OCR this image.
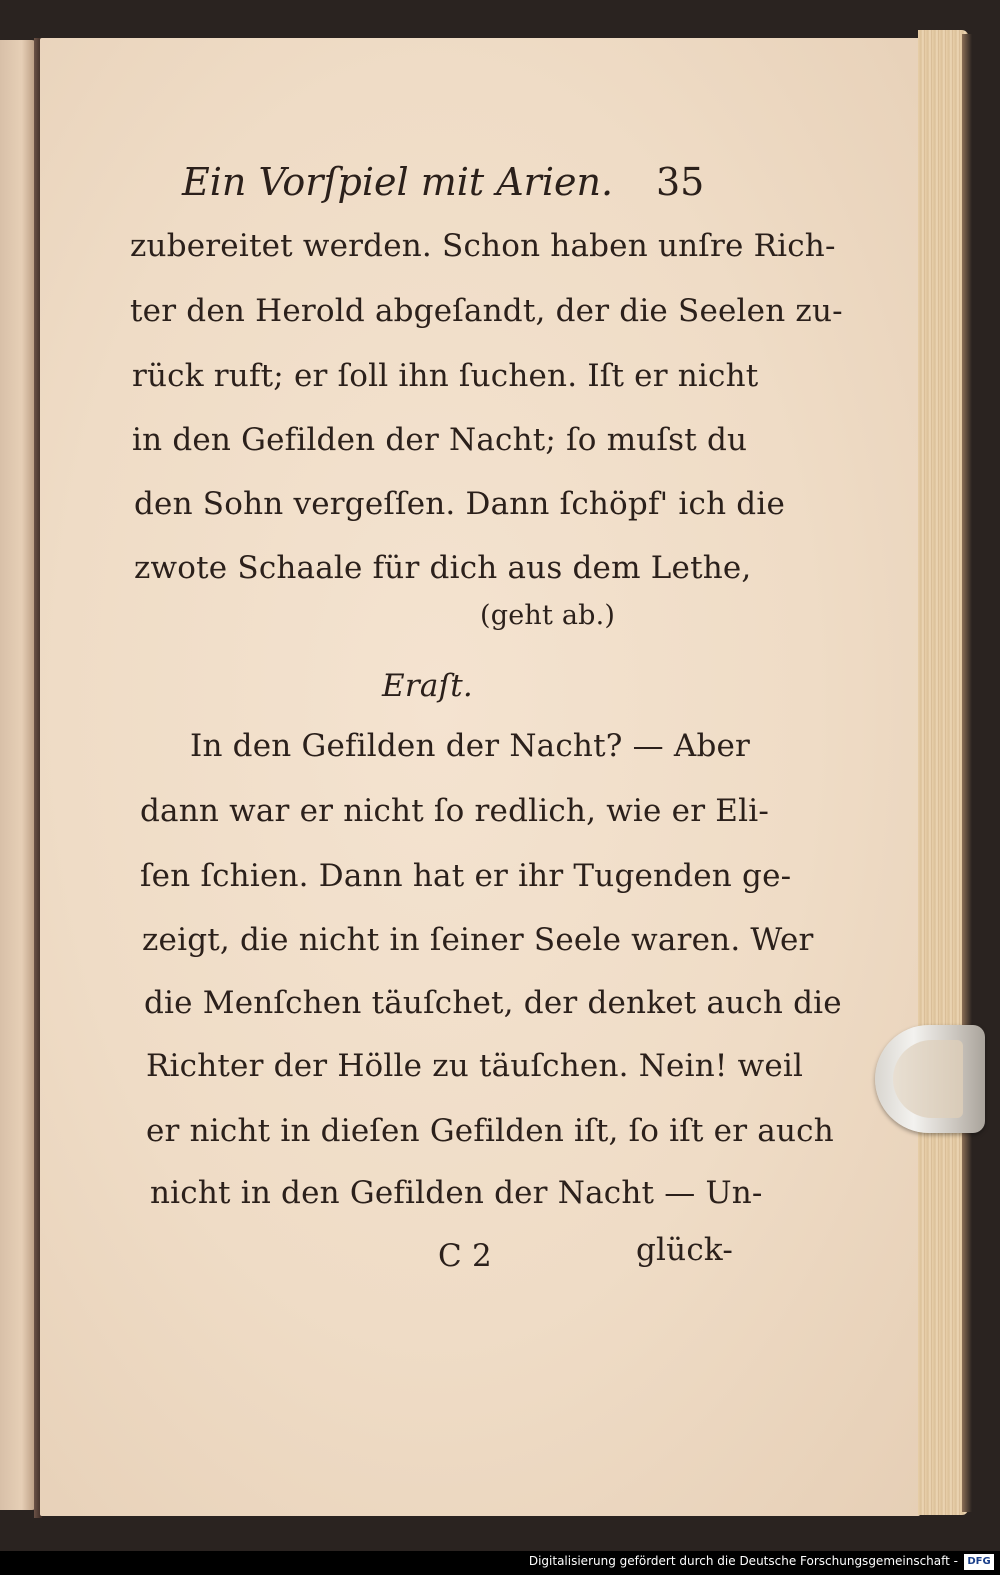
Ein Vorſpiel mit Arien. 35
zubereitet werden. Schon haben unſre Rich-
ter den Herold abgeſandt, der die Seelen zu-
rück ruft; er ſoll ihn ſuchen. Iſt er nicht
in den Gefilden der Nacht; ſo muſst du
den Sohn vergeſſen. Dann ſchöpf' ich die
zwote Schaale für dich aus dem Lethe,
(geht ab.)
Eraſt.
In den Gefilden der Nacht? — Aber
dann war er nicht ſo redlich, wie er Eli-
ſen ſchien. Dann hat er ihr Tugenden ge-
zeigt, die nicht in ſeiner Seele waren. Wer
die Menſchen täuſchet, der denket auch die
Richter der Hölle zu täuſchen. Nein! weil
er nicht in dieſen Gefilden iſt, ſo iſt er auch
nicht in den Gefilden der Nacht — Un-
C 2	glück-
Digitalisierung gefördert durch die Deutsche Forschungsgemeinschaft - DFG
